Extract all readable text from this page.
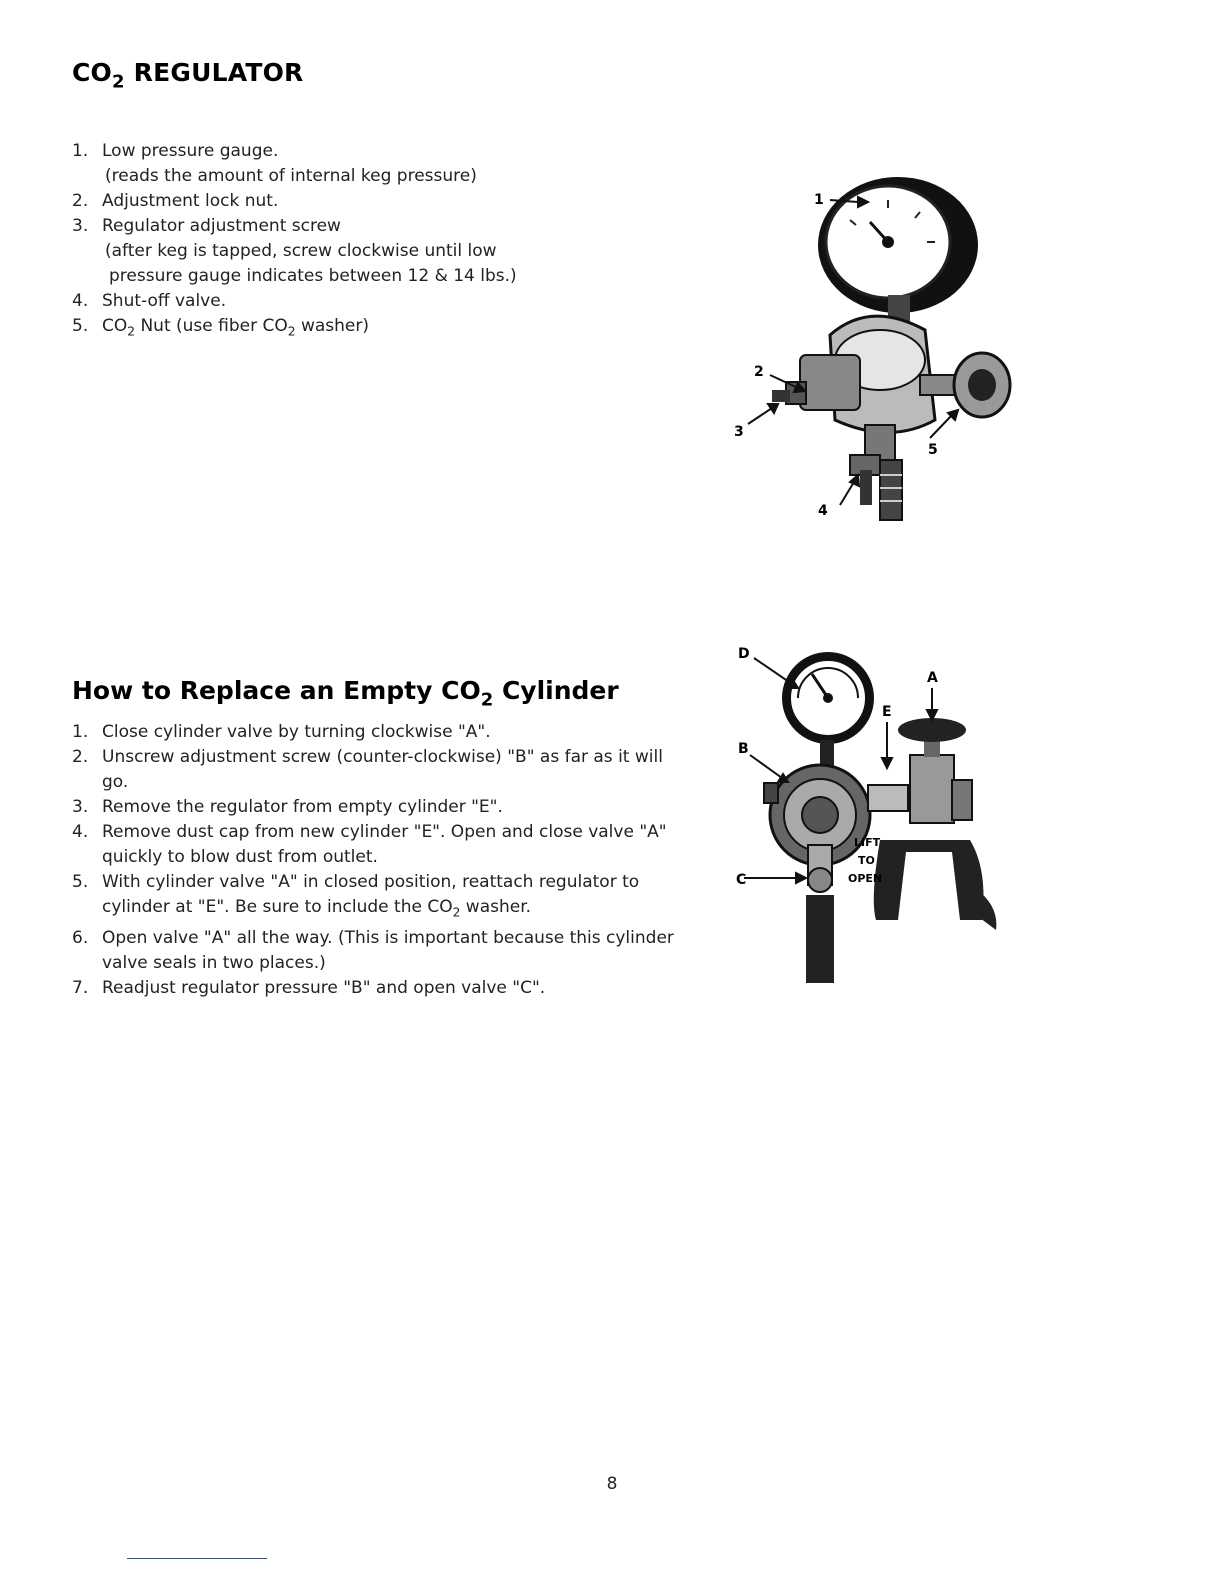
$CO_2$ REGULATOR
1. Low pressure gauge.
(reads the amount of internal keg pressure)
2. Adjustment lock nut.
3. Regulator adjustment screw
(after keg is tapped, screw clockwise until low
pressure gauge indicates between 12 & 14 lbs.)
4. Shut-off valve.
5. $CO_2$ Nut (use fiber $CO_2$ washer)
1
2
3
4
5
How to Replace an Empty $CO_2$ Cylinder
1. Close cylinder valve by turning clockwise "A".
2. Unscrew adjustment screw (counter-clockwise) "B" as far as it will go.
3. Remove the regulator from empty cylinder "E".
4. Remove dust cap from new cylinder "E". Open and close valve "A" quickly to blow dust from outlet.
5. With cylinder valve "A" in closed position, reattach regulator to cylinder at "E". Be sure to include the $CO_2$ washer.
6. Open valve "A" all the way. (This is important because this cylinder valve seals in two places.)
7. Readjust regulator pressure "B" and open valve "C".
LIFT
TO
OPEN
A
B
C
D
E
8
